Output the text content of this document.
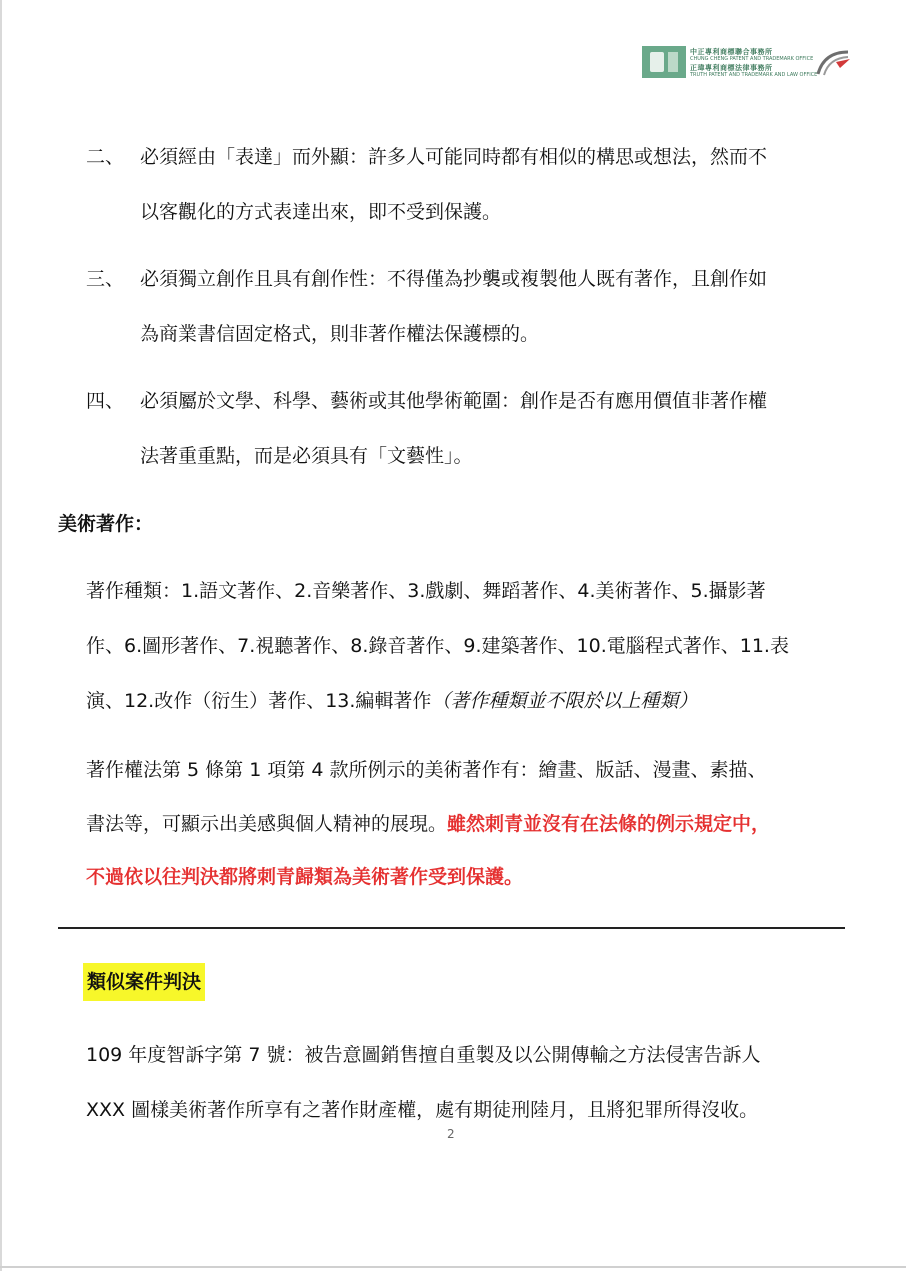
中正專利商標聯合事務所
CHUNG CHENG PATENT AND TRADEMARK OFFICE
正瑋專利商標法律事務所
TRUTH PATENT AND TRADEMARK AND LAW OFFICE
二、 必須經由「表達」而外顯：許多人可能同時都有相似的構思或想法，然而不
以客觀化的方式表達出來，即不受到保護。
三、 必須獨立創作且具有創作性：不得僅為抄襲或複製他人既有著作，且創作如
為商業書信固定格式，則非著作權法保護標的。
四、 必須屬於文學、科學、藝術或其他學術範圍：創作是否有應用價值非著作權
法著重重點，而是必須具有「文藝性」。
美術著作：
著作種類：1.語文著作、2.音樂著作、3.戲劇、舞蹈著作、4.美術著作、5.攝影著
作、6.圖形著作、7.視聽著作、8.錄音著作、9.建築著作、10.電腦程式著作、11.表
演、12.改作（衍生）著作、13.編輯著作（著作種類並不限於以上種類）
著作權法第 5 條第 1 項第 4 款所例示的美術著作有：繪畫、版話、漫畫、素描、
書法等，可顯示出美感與個人精神的展現。雖然刺青並沒有在法條的例示規定中，
不過依以往判決都將刺青歸類為美術著作受到保護。
類似案件判決
109 年度智訴字第 7 號：被告意圖銷售擅自重製及以公開傳輸之方法侵害告訴人
XXX 圖樣美術著作所享有之著作財產權，處有期徒刑陸月，且將犯罪所得沒收。
2
